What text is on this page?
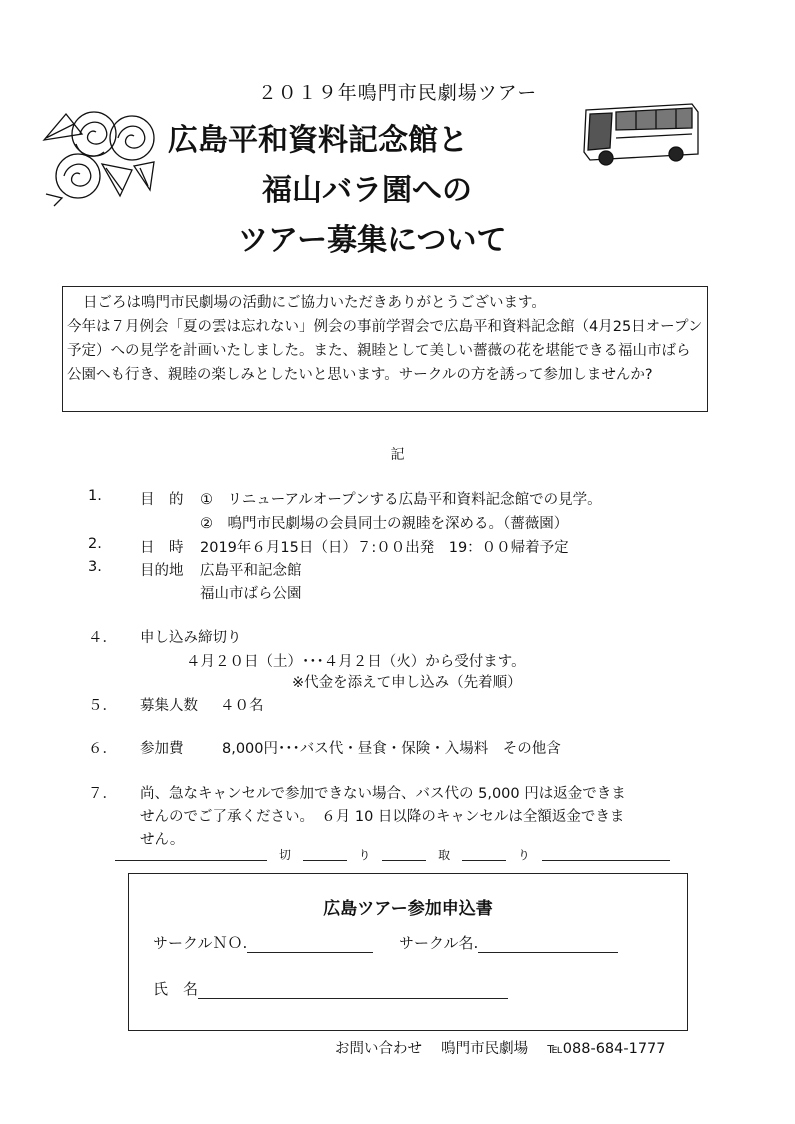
２０１９年鳴門市民劇場ツアー
広島平和資料記念館と
福山バラ園への
ツアー募集について

日ごろは鳴門市民劇場の活動にご協力いただきありがとうございます。

今年は７月例会「夏の雲は忘れない」例会の事前学習会で広島平和資料記念館（4月25日オープン予定）への見学を計画いたしました。また、親睦として美しい薔薇の花を堪能できる福山市ばら公園へも行き、親睦の楽しみとしたいと思います。サークルの方を誘って参加しませんか?

記
1.	目　的 ①　リニューアルオープンする広島平和資料記念館での見学。
②　鳴門市民劇場の会員同士の親睦を深める。（薔薇園）
2.	日　時 2019年６月15日（日）７:００出発　19：００帰着予定
3.	目的地 広島平和記念館
福山市ばら公園
４． 申し込み締切り
４月２０日（土）･･･４月２日（火）から受付ます。
※代金を添えて申し込み（先着順）
５． 募集人数 ４０名
６． 参加費	8,000円･･･バス代・昼食・保険・入場料　その他含
７． 尚、急なキャンセルで参加できない場合、バス代の 5,000 円は返金できま
せんのでご了承ください。　６月 10 日以降のキャンセルは全額返金できま
せん。
切	り	取	り
広島ツアー参加申込書
サークルＮＯ.	サークル名.
氏　名
お問い合わせ　 鳴門市民劇場　 ℡088-684-1777
